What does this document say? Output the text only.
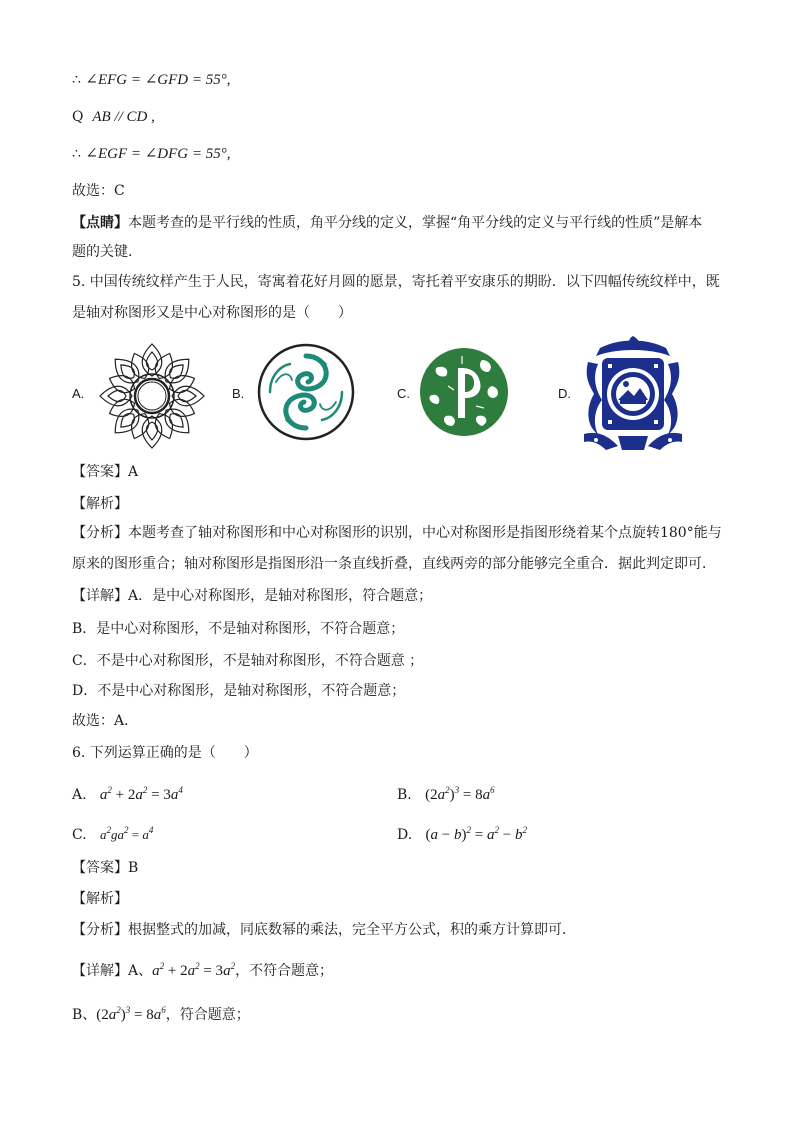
∴ ∠EFG = ∠GFD = 55°,
Q AB // CD ,
∴ ∠EGF = ∠DFG = 55°,
故选：C
【点睛】本题考查的是平行线的性质，角平分线的定义，掌握“角平分线的定义与平行线的性质”是解本
题的关键.
5. 中国传统纹样产生于人民，寄寓着花好月圆的愿景，寄托着平安康乐的期盼．以下四幅传统纹样中，既
是轴对称图形又是中心对称图形的是（　　）
A.	B.	C.	D.
【答案】A
【解析】
【分析】本题考查了轴对称图形和中心对称图形的识别，中心对称图形是指图形绕着某个点旋转180°能与
原来的图形重合；轴对称图形是指图形沿一条直线折叠，直线两旁的部分能够完全重合．据此判定即可．
【详解】A．是中心对称图形，是轴对称图形，符合题意；
B．是中心对称图形，不是轴对称图形，不符合题意；
C．不是中心对称图形，不是轴对称图形，不符合题意 ；
D．不是中心对称图形，是轴对称图形，不符合题意；
故选：A．
6. 下列运算正确的是（　　）
A. $a^2 + 2a^2 = 3a^4$	B. $(2a^2)^3 = 8a^6$
C. $a^2ga^2 = a^4$	D. $(a - b)^2 = a^2 - b^2$
【答案】B
【解析】
【分析】根据整式的加减，同底数幂的乘法，完全平方公式，积的乘方计算即可．
【详解】A、$a^2 + 2a^2 = 3a^2$，不符合题意；
B、$(2a^2)^3 = 8a^6$，符合题意；
